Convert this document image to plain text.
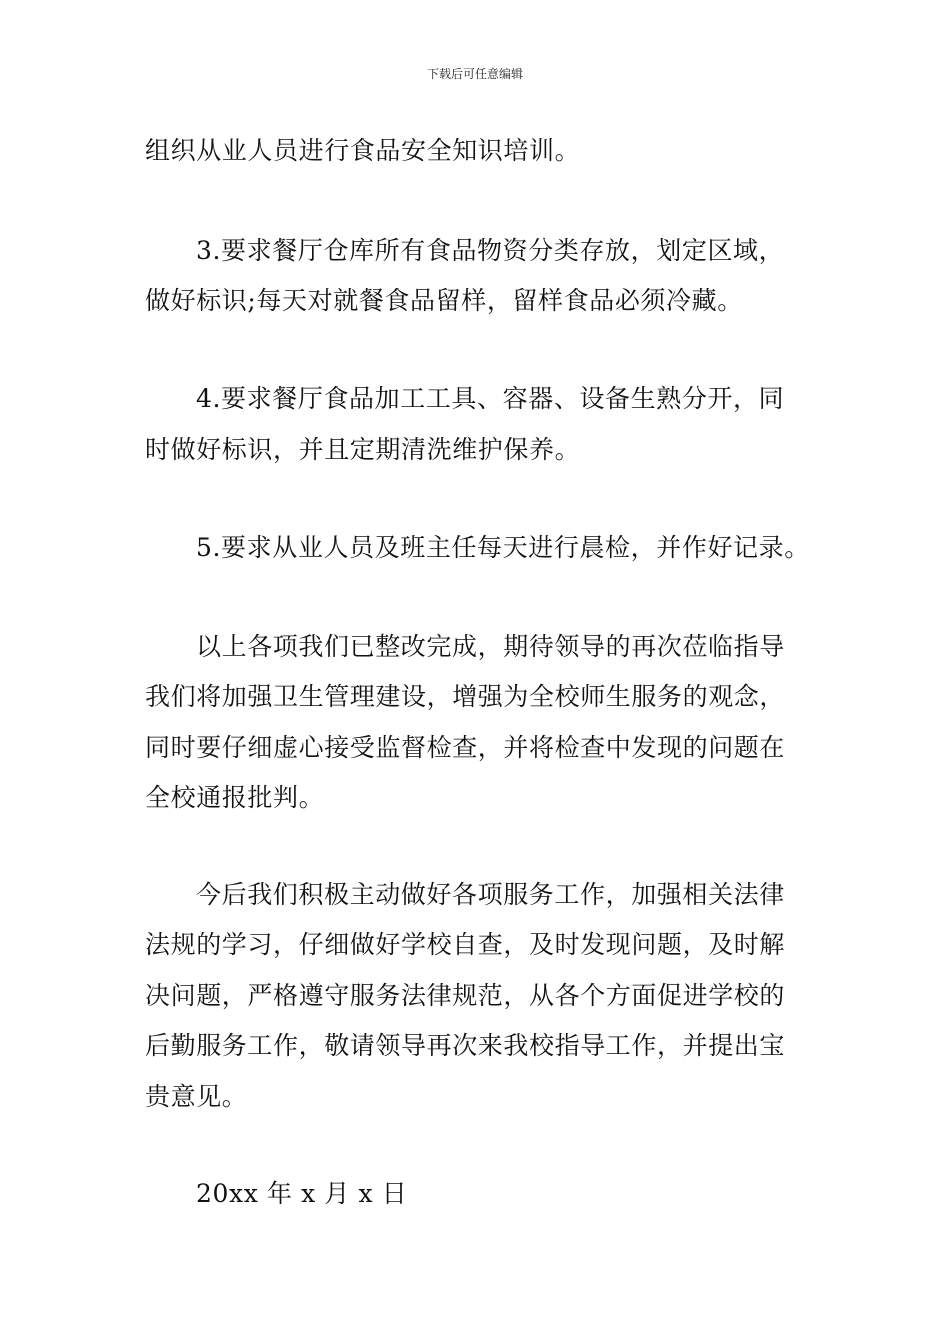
下载后可任意编辑
组织从业人员进行食品安全知识培训。
3.要求餐厅仓库所有食品物资分类存放，划定区域，
做好标识;每天对就餐食品留样，留样食品必须冷藏。
4.要求餐厅食品加工工具、容器、设备生熟分开，同
时做好标识，并且定期清洗维护保养。
5.要求从业人员及班主任每天进行晨检，并作好记录。
以上各项我们已整改完成，期待领导的再次莅临指导
我们将加强卫生管理建设，增强为全校师生服务的观念，
同时要仔细虚心接受监督检查，并将检查中发现的问题在
全校通报批判。
今后我们积极主动做好各项服务工作，加强相关法律
法规的学习，仔细做好学校自查，及时发现问题，及时解
决问题，严格遵守服务法律规范，从各个方面促进学校的
后勤服务工作，敬请领导再次来我校指导工作，并提出宝
贵意见。
20xx 年 x 月 x 日
